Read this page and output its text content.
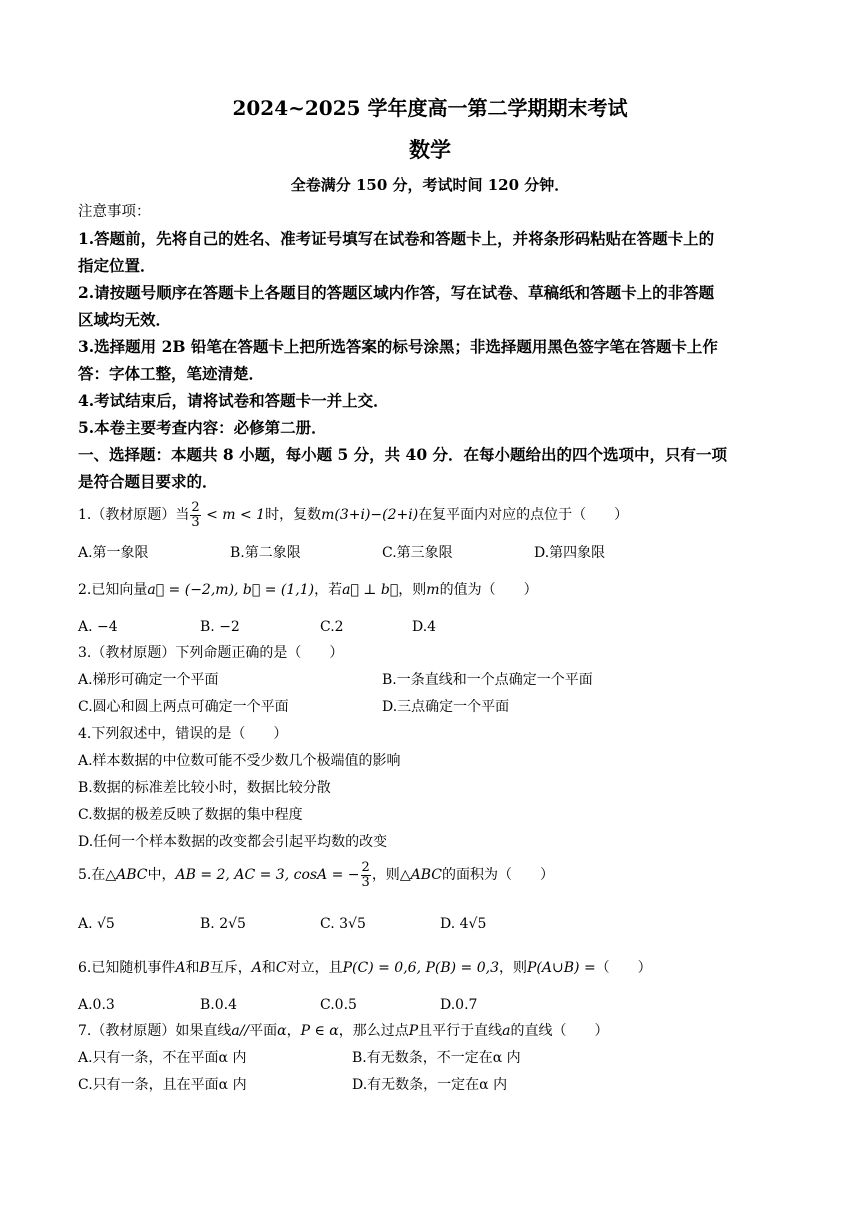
2024~2025 学年度高一第二学期期末考试
数学
全卷满分 150 分，考试时间 120 分钟．
注意事项：
1.答题前，先将自己的姓名、准考证号填写在试卷和答题卡上，并将条形码粘贴在答题卡上的
指定位置．
2.请按题号顺序在答题卡上各题目的答题区域内作答，写在试卷、草稿纸和答题卡上的非答题
区域均无效．
3.选择题用 2B 铅笔在答题卡上把所选答案的标号涂黑；非选择题用黑色签字笔在答题卡上作
答：字体工整，笔迹清楚．
4.考试结束后，请将试卷和答题卡一并上交．
5.本卷主要考查内容：必修第二册．
一、选择题：本题共 8 小题，每小题 5 分，共 40 分．在每小题给出的四个选项中，只有一项
是符合题目要求的．
1.（教材原题）当 $\frac{2}{3} < m < 1$时，复数m(3+i)−(2+i)在复平面内对应的点位于（　　）
A.第一象限	B.第二象限	C.第三象限	D.第四象限
2.已知向量a⃗ = (−2,m), b⃗ = (1,1)，若a⃗ ⊥ b⃗，则m的值为（　　）
A. −4	B. −2	C.2	D.4
3.（教材原题）下列命题正确的是（　　）
A.梯形可确定一个平面	B.一条直线和一个点确定一个平面
C.圆心和圆上两点可确定一个平面	D.三点确定一个平面
4.下列叙述中，错误的是（　　）
A.样本数据的中位数可能不受少数几个极端值的影响
B.数据的标准差比较小时，数据比较分散
C.数据的极差反映了数据的集中程度
D.任何一个样本数据的改变都会引起平均数的改变
5.在△ABC中，AB = 2, AC = 3, cosA = − $\frac{2}{3}$ ，则△ABC的面积为（　　）
A. √5	B. 2√5	C. 3√5	D. 4√5
6.已知随机事件A和B互斥，A和C对立，且P(C) = 0,6, P(B) = 0,3，则P(A∪B) =（　　）
A.0.3	B.0.4	C.0.5	D.0.7
7.（教材原题）如果直线a//平面α，P ∈ α，那么过点P且平行于直线a的直线（　　）
A.只有一条，不在平面α 内	B.有无数条，不一定在α 内
C.只有一条，且在平面α 内	D.有无数条，一定在α 内
